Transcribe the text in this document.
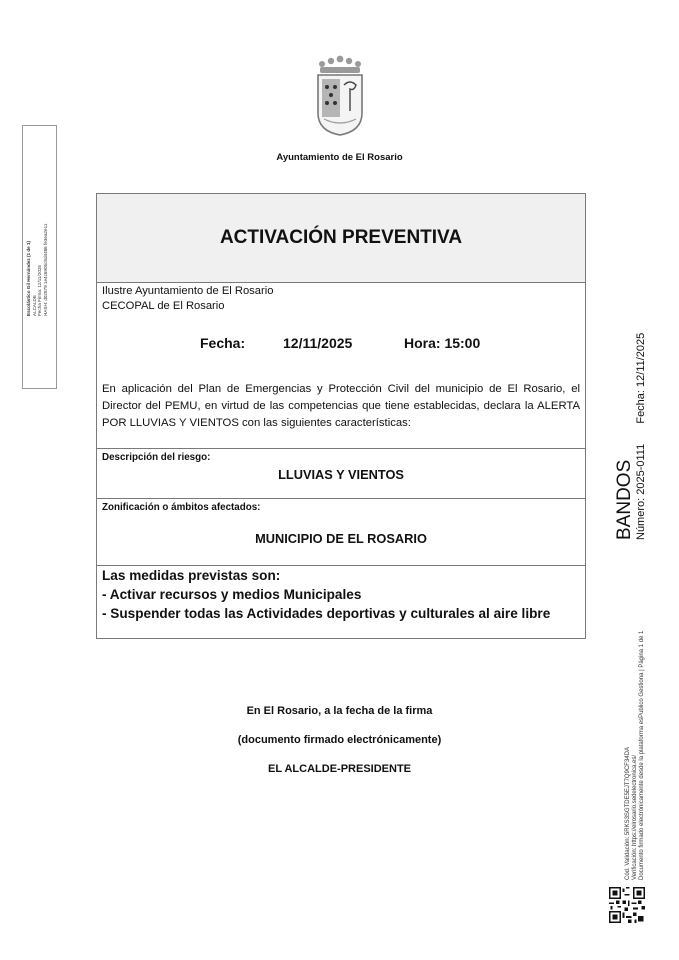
Ayuntamiento de El Rosario
Escolástico Gil Hernández (1 de 1) ALCALDE Fecha Firma: 12/11/2025 HASH: d02879 1e4c6905c8d4486 fe3ea2e11	ACTIVACIÓN PREVENTIVA
Ilustre Ayuntamiento de El Rosario
CECOPAL de El Rosario
Fecha:	12/11/2025	Hora: 15:00
En aplicación del Plan de Emergencias y Protección Civil del municipio de El Rosario, el Director del PEMU, en virtud de las competencias que tiene establecidas, declara la ALERTA POR LLUVIAS Y VIENTOS con las siguientes características:
Descripción del riesgo:
LLUVIAS Y VIENTOS
Zonificación o ámbitos afectados:
MUNICIPIO DE EL ROSARIO
Las medidas previstas son:
- Activar recursos y medios Municipales
- Suspender todas las Actividades deportivas y culturales al aire libre
En El Rosario, a la fecha de la firma
(documento firmado electrónicamente)
EL ALCALDE-PRESIDENTE
BANDOS Número: 2025-0111  Fecha: 12/11/2025
Cód. Validación: 5RKS3SGTDE5EJT7Q9CF34DA Verificación: https://elrosario.sedelectronica.es/ Documento firmado electrónicamente desde la plataforma esPublico Gestiona | Página 1 de 1
